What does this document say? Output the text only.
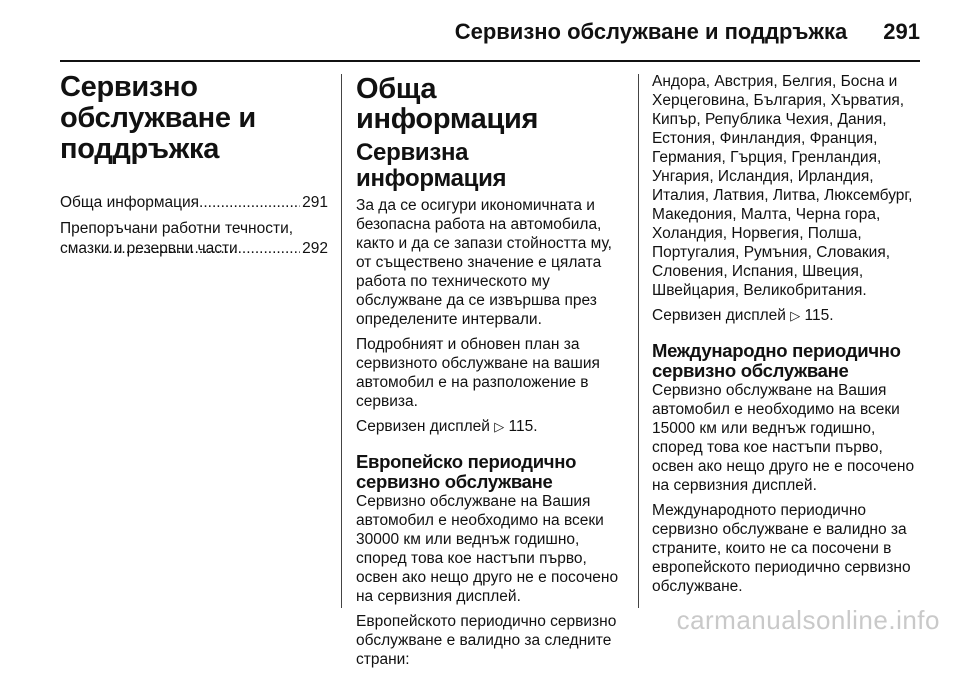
Сервизно обслужване и поддръжка 291
Сервизно обслужване и поддръжка
Обща информация .....	291
Препоръчани работни течности, смазки и резервни части .....	292
Обща информация
Сервизна информация

За да се осигури икономичната и безопасна работа на автомобила, както и да се запази стойността му, от съществено значение е цялата работа по техническото му обслужване да се извършва през определените интервали.

Подробният и обновен план за сервизното обслужване на вашия автомобил е на разположение в сервиза.

Сервизен дисплей ▷ 115.

Европейско периодично сервизно обслужване

Сервизно обслужване на Вашия автомобил е необходимо на всеки 30000 км или веднъж годишно, според това кое настъпи първо, освен ако нещо друго не е посочено на сервизния дисплей.

Европейското периодично сервизно обслужване е валидно за следните страни:

Андора, Австрия, Белгия, Босна и Херцеговина, България, Хърватия, Кипър, Република Чехия, Дания, Естония, Финландия, Франция, Германия, Гърция, Гренландия, Унгария, Исландия, Ирландия, Италия, Латвия, Литва, Люксембург, Македония, Малта, Черна гора, Холандия, Норвегия, Полша, Португалия, Румъния, Словакия, Словения, Испания, Швеция, Швейцария, Великобритания.

Сервизен дисплей ▷ 115.

Международно периодично сервизно обслужване

Сервизно обслужване на Вашия автомобил е необходимо на всеки 15000 км или веднъж годишно, според това кое настъпи първо, освен ако нещо друго не е посочено на сервизния дисплей.

Международното периодично сервизно обслужване е валидно за страните, които не са посочени в европейското периодично сервизно обслужване.

carmanualsonline.info
